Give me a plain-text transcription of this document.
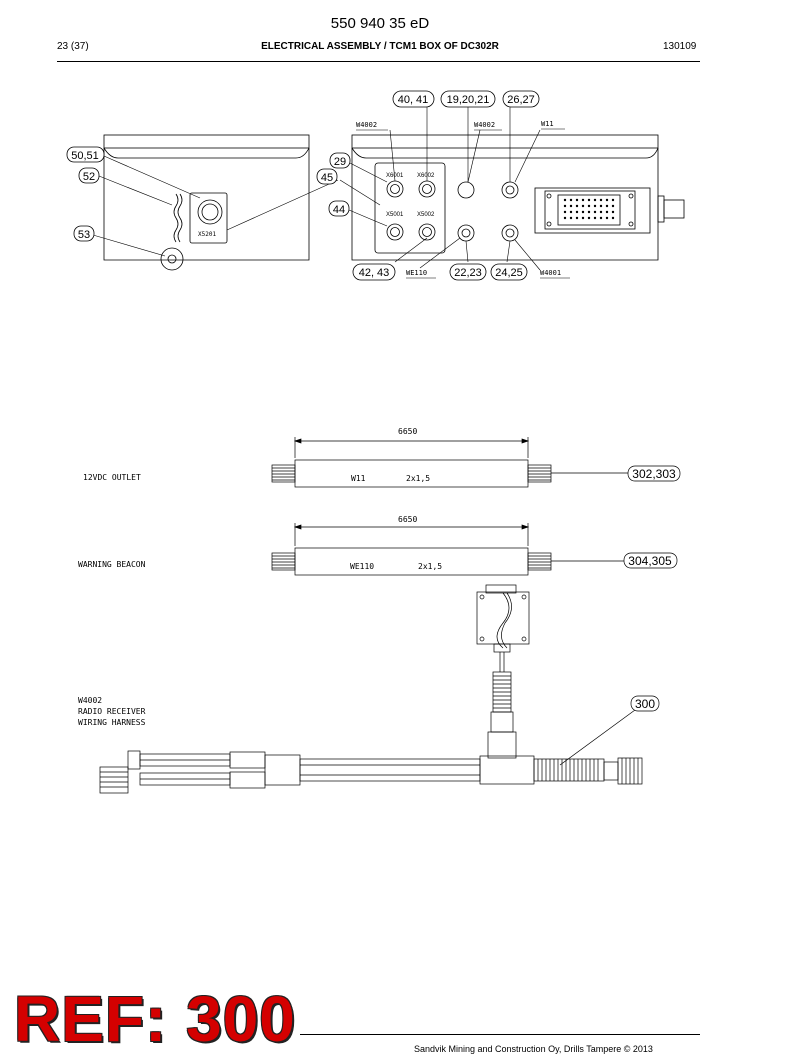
550 940 35 eD
23 (37)	ELECTRICAL ASSEMBLY / TCM1 BOX OF DC302R	130109
X5201
X6001 X6002
X5001 X5002
W4002	W4002	W11
WE110	W4001
50,51
52
53
29
45
44
40, 41 19,20,21 26,27
42, 43	22,23 24,25
6650
12VDC OUTLET	W11	2x1,5	302,303
6650
WARNING BEACON	WE110	2x1,5	304,305
W4002
RADIO RECEIVER
WIRING HARNESS
300
REF: 300	Sandvik Mining and Construction Oy, Drills Tampere © 2013
